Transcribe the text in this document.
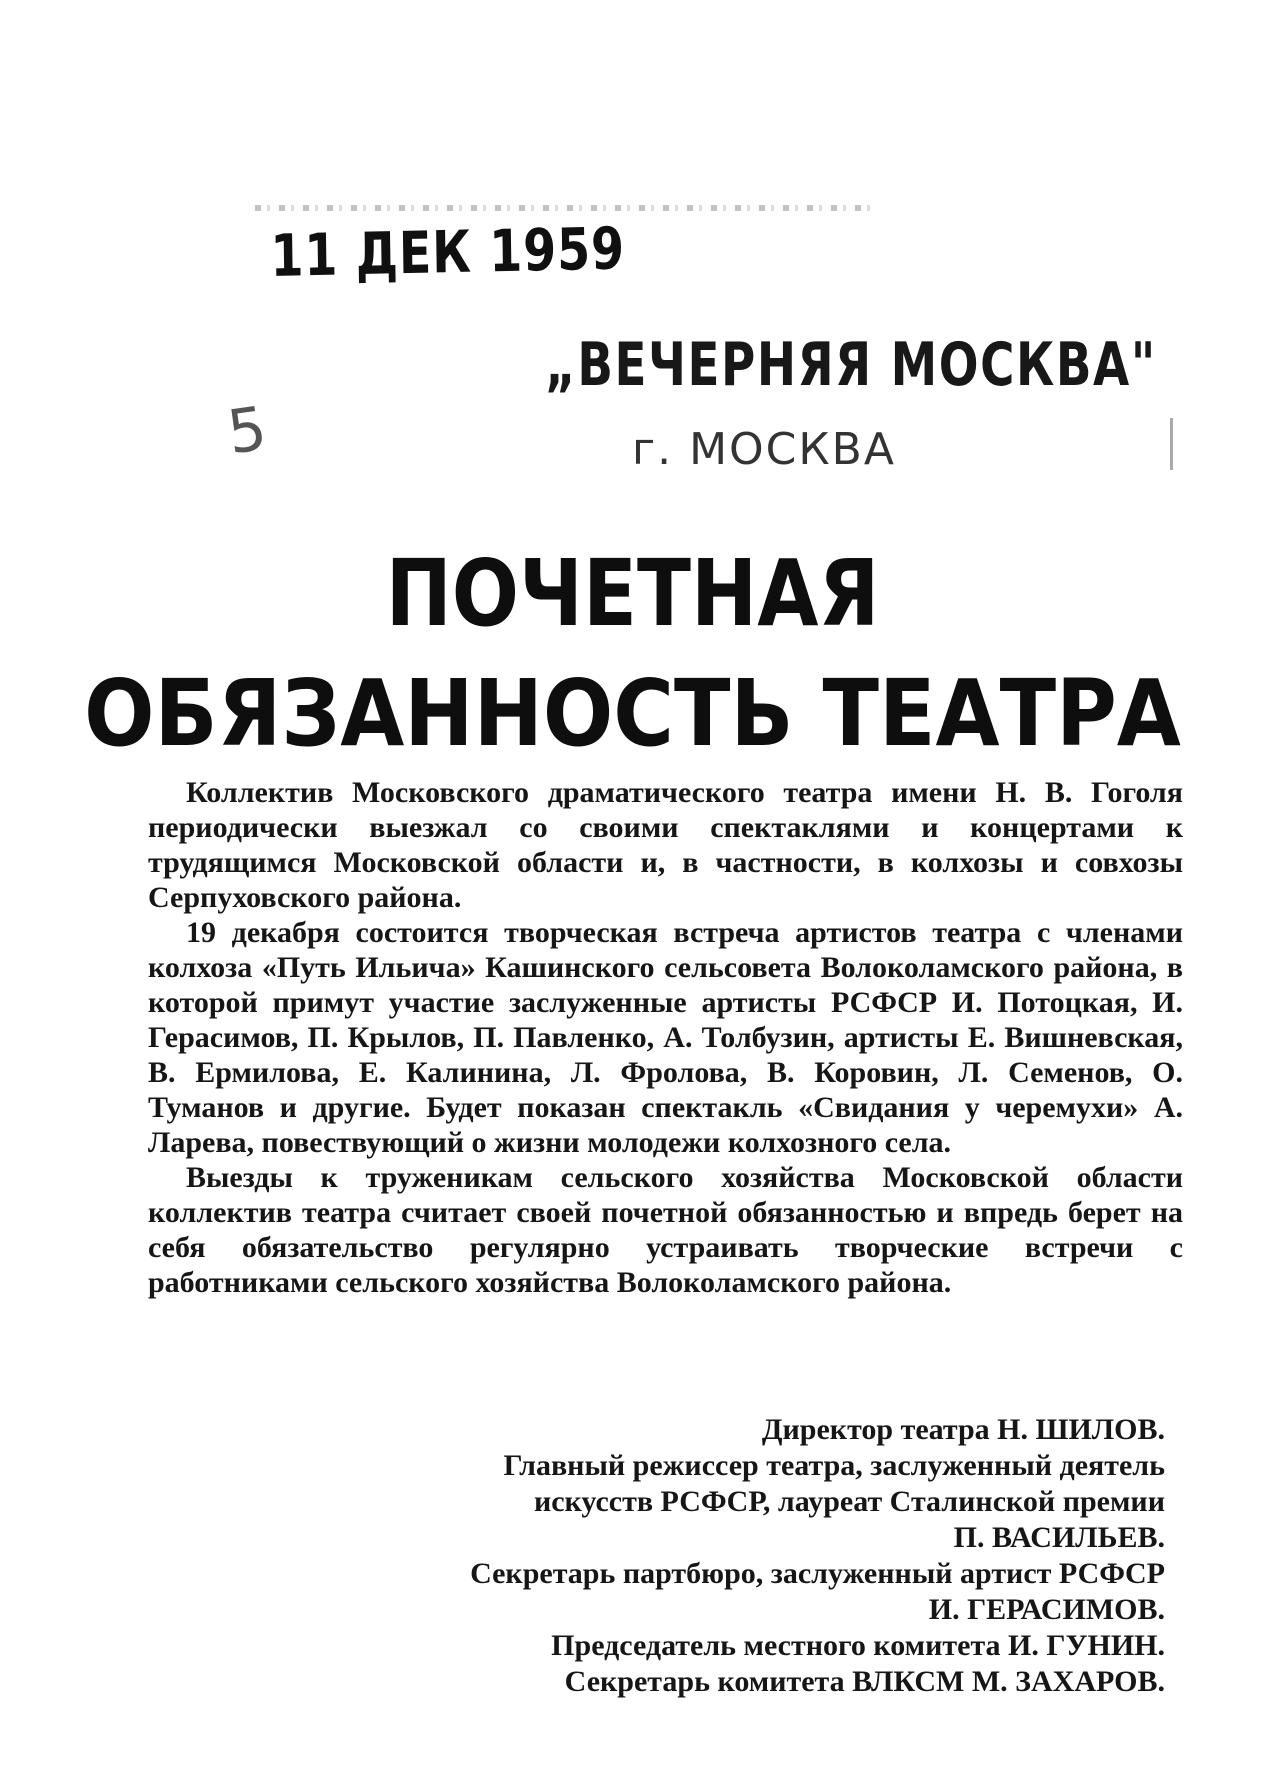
11 ДЕК 1959
„ВЕЧЕРНЯЯ МОСКВА"
г. МОСКВА
5
ПОЧЕТНАЯ
ОБЯЗАННОСТЬ ТЕАТРА

Коллектив Московского драматического театра имени Н. В. Гоголя периодически выезжал со своими спектаклями и концертами к трудящимся Московской области и, в частности, в колхозы и совхозы Серпуховского района.

19 декабря состоится творческая встреча артистов театра с членами колхоза «Путь Ильича» Кашинского сельсовета Волоколамского района, в которой примут участие заслуженные артисты РСФСР И. Потоцкая, И. Герасимов, П. Крылов, П. Павленко, А. Толбузин, артисты Е. Вишневская, В. Ермилова, Е. Калинина, Л. Фролова, В. Коровин, Л. Семенов, О. Туманов и другие. Будет показан спектакль «Свидания у черемухи» А. Ларева, повествующий о жизни молодежи колхозного села.

Выезды к труженикам сельского хозяйства Московской области коллектив театра считает своей почетной обязанностью и впредь берет на себя обязательство регулярно устраивать творческие встречи с работниками сельского хозяйства Волоколамского района.

Директор театра Н. ШИЛОВ.
Главный режиссер театра, заслуженный деятель
искусств РСФСР, лауреат Сталинской премии
П. ВАСИЛЬЕВ.
Секретарь партбюро, заслуженный артист РСФСР
И. ГЕРАСИМОВ.
Председатель местного комитета И. ГУНИН.
Секретарь комитета ВЛКСМ М. ЗАХАРОВ.
